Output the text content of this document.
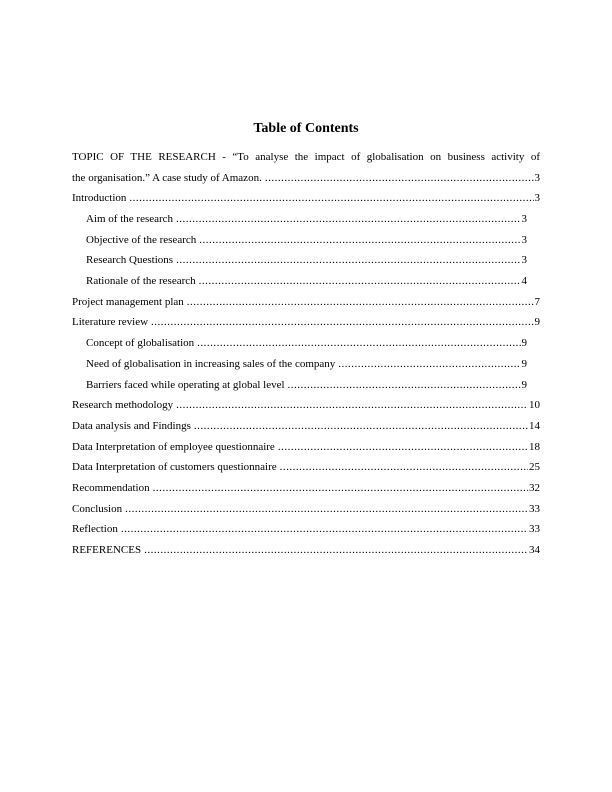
Table of Contents
TOPIC OF THE RESEARCH - “To analyse the impact of globalisation on business activity of
the organisation.” A case study of Amazon. .....	3
Introduction .....	3
Aim of the research .....	3
Objective of the research .....	3
Research Questions .....	3
Rationale of the research .....	4
Project management plan .....	7
Literature review .....	9
Concept of globalisation .....	9
Need of globalisation in increasing sales of the company .....	9
Barriers faced while operating at global level .....	9
Research methodology .....	10
Data analysis and Findings .....	14
Data Interpretation of employee questionnaire .....	18
Data Interpretation of customers questionnaire .....	25
Recommendation .....	32
Conclusion .....	33
Reflection .....	33
REFERENCES .....	34
